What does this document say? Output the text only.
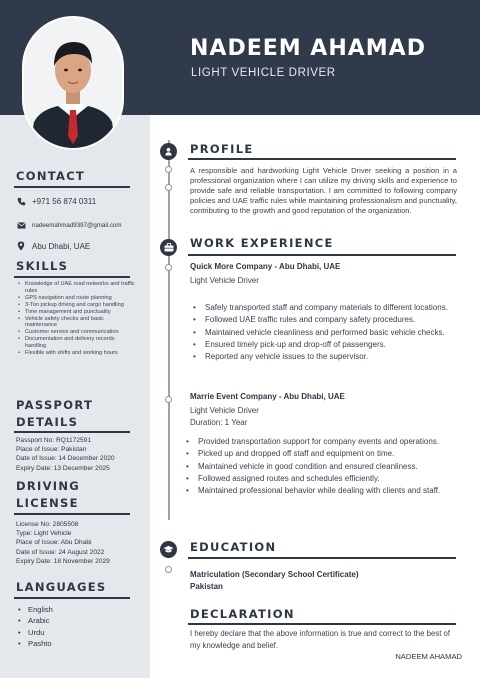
NADEEM AHAMAD
LIGHT VEHICLE DRIVER
CONTACT
+971 56 874 0311
nadeemahmad9397@gmail.com
Abu Dhabi, UAE
SKILLS
• Knowledge of UAE road networks and traffic rules
• GPS navigation and route planning
• 3-Ton pickup driving and cargo handling
• Time management and punctuality
• Vehicle safety checks and basic maintenance
• Customer service and communication
• Documentation and delivery records handling
• Flexible with shifts and working hours
PASSPORT
DETAILS
Passport No: RQ1172591
Place of Issue: Pakistan
Date of Issue: 14 December 2020
Expiry Date: 13 December 2025
DRIVING
LICENSE
License No: 2805508
Type: Light Vehicle
Place of Issue: Abu Dhabi
Date of Issue: 24 August 2022
Expiry Date: 18 November 2029
LANGUAGES
• English
• Arabic
• Urdu
• Pashto
PROFILE
A responsible and hardworking Light Vehicle Driver seeking a position in a professional organization where I can utilize my driving skills and experience to provide safe and reliable transportation. I am committed to following company policies and UAE traffic rules while maintaining professionalism and punctuality, contributing to the growth and good reputation of the organization.
WORK EXPERIENCE
Quick More Company - Abu Dhabi, UAE
Light Vehicle Driver
• Safely transported staff and company materials to different locations.
• Followed UAE traffic rules and company safety procedures.
• Maintained vehicle cleanliness and performed basic vehicle checks.
• Ensured timely pick-up and drop-off of passengers.
• Reported any vehicle issues to the supervisor.
Marrie Event Company - Abu Dhabi, UAE
Light Vehicle Driver
Duration: 1 Year
• Provided transportation support for company events and operations.
• Picked up and dropped off staff and equipment on time.
• Maintained vehicle in good condition and ensured cleanliness.
• Followed assigned routes and schedules efficiently.
• Maintained professional behavior while dealing with clients and staff.
EDUCATION
Matriculation (Secondary School Certificate)
Pakistan
DECLARATION
I hereby declare that the above information is true and correct to the best of my knowledge and belief.
NADEEM AHAMAD
